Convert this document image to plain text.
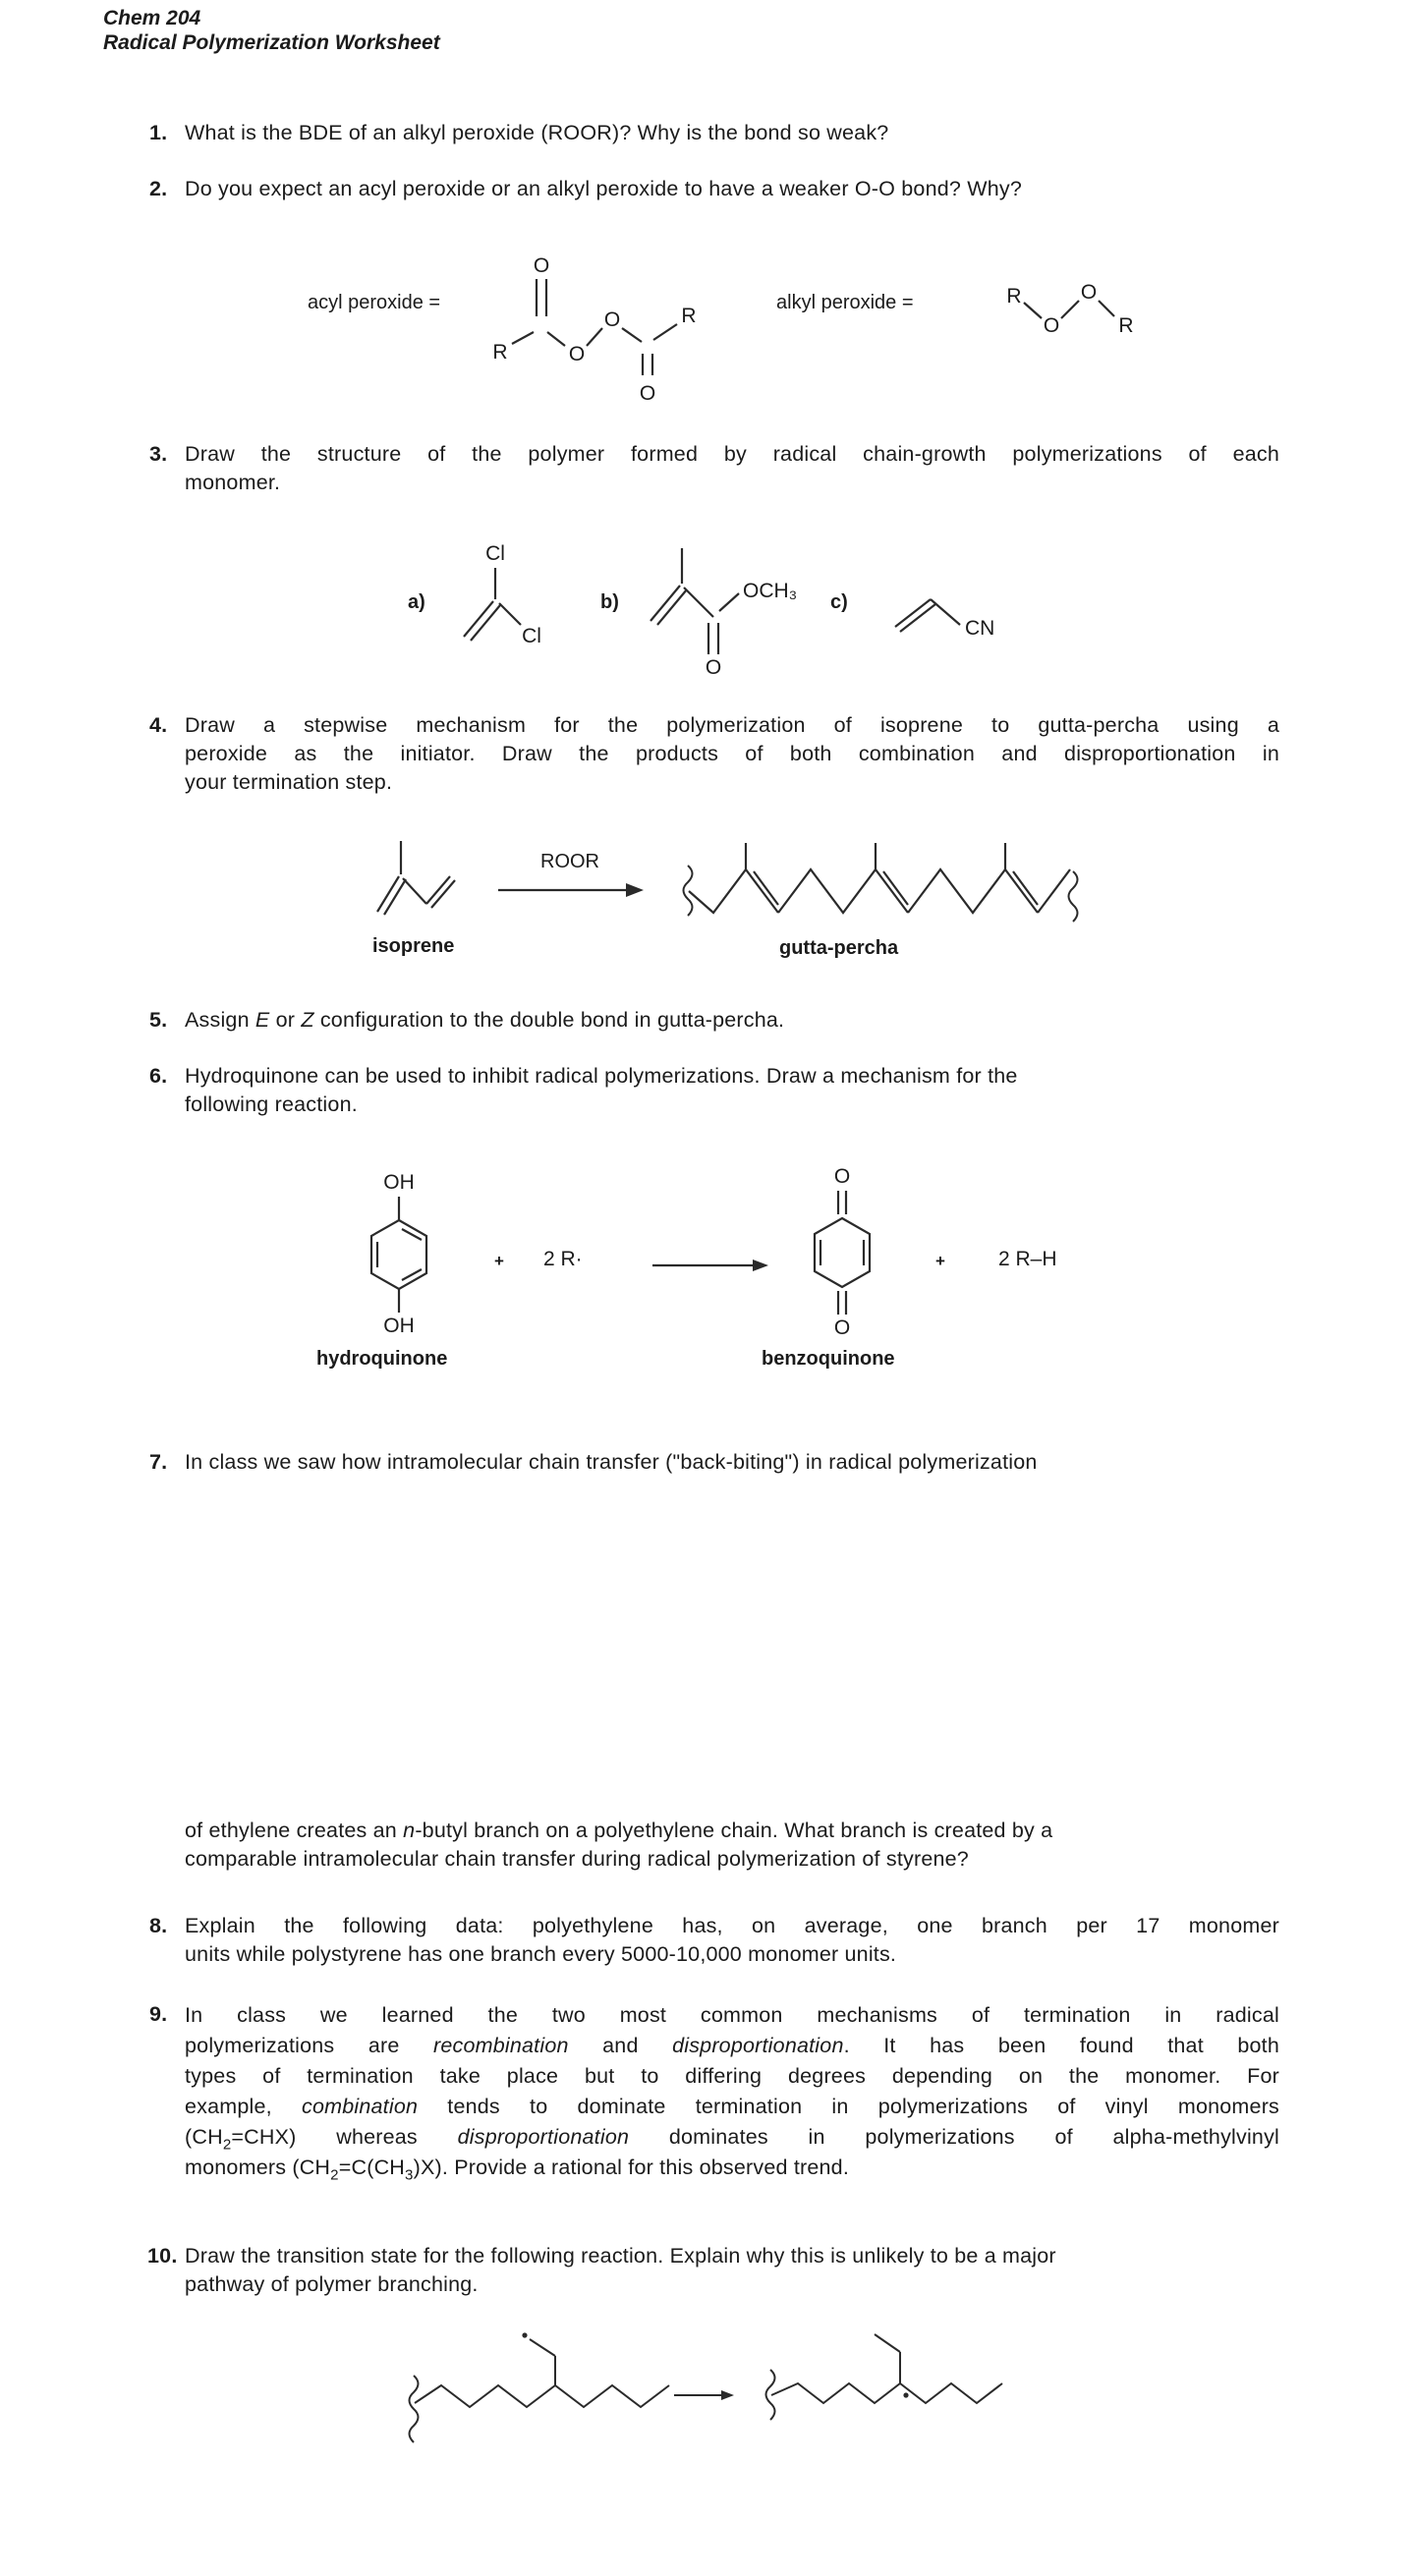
Chem 204
Radical Polymerization Worksheet
1. What is the BDE of an alkyl peroxide (ROOR)? Why is the bond so weak?
2. Do you expect an acyl peroxide or an alkyl peroxide to have a weaker O-O bond? Why?
acyl peroxide =
R
O
O
O
O
R
alkyl peroxide =	R
O
O
R
3. Draw the structure of the polymer formed by radical chain-growth polymerizations of each
monomer.
a)
Cl
Cl
b)
O
OCH₃ c)
CN
4. Draw a stepwise mechanism for the polymerization of isoprene to gutta-percha using a
peroxide as the initiator. Draw the products of both combination and disproportionation in
your termination step.
ROOR
isoprene	gutta-percha
5. Assign E or Z configuration to the double bond in gutta-percha.
6. Hydroquinone can be used to inhibit radical polymerizations. Draw a mechanism for the
following reaction.
OH
OH
+ 2 R·
O
O
+	2 R–H
hydroquinone	benzoquinone
7. In class we saw how intramolecular chain transfer ("back-biting") in radical polymerization
of ethylene creates an n-butyl branch on a polyethylene chain. What branch is created by a
comparable intramolecular chain transfer during radical polymerization of styrene?
8. Explain the following data: polyethylene has, on average, one branch per 17 monomer
units while polystyrene has one branch every 5000-10,000 monomer units.
9. In class we learned the two most common mechanisms of termination in radical
polymerizations are recombination and disproportionation. It has been found that both
types of termination take place but to differing degrees depending on the monomer. For
example, combination tends to dominate termination in polymerizations of vinyl monomers
$(CH_2=CHX)$ whereas disproportionation dominates in polymerizations of alpha-methylvinyl
monomers $(CH_2=C(CH_3)X)$. Provide a rational for this observed trend.
10. Draw the transition state for the following reaction. Explain why this is unlikely to be a major
pathway of polymer branching.
